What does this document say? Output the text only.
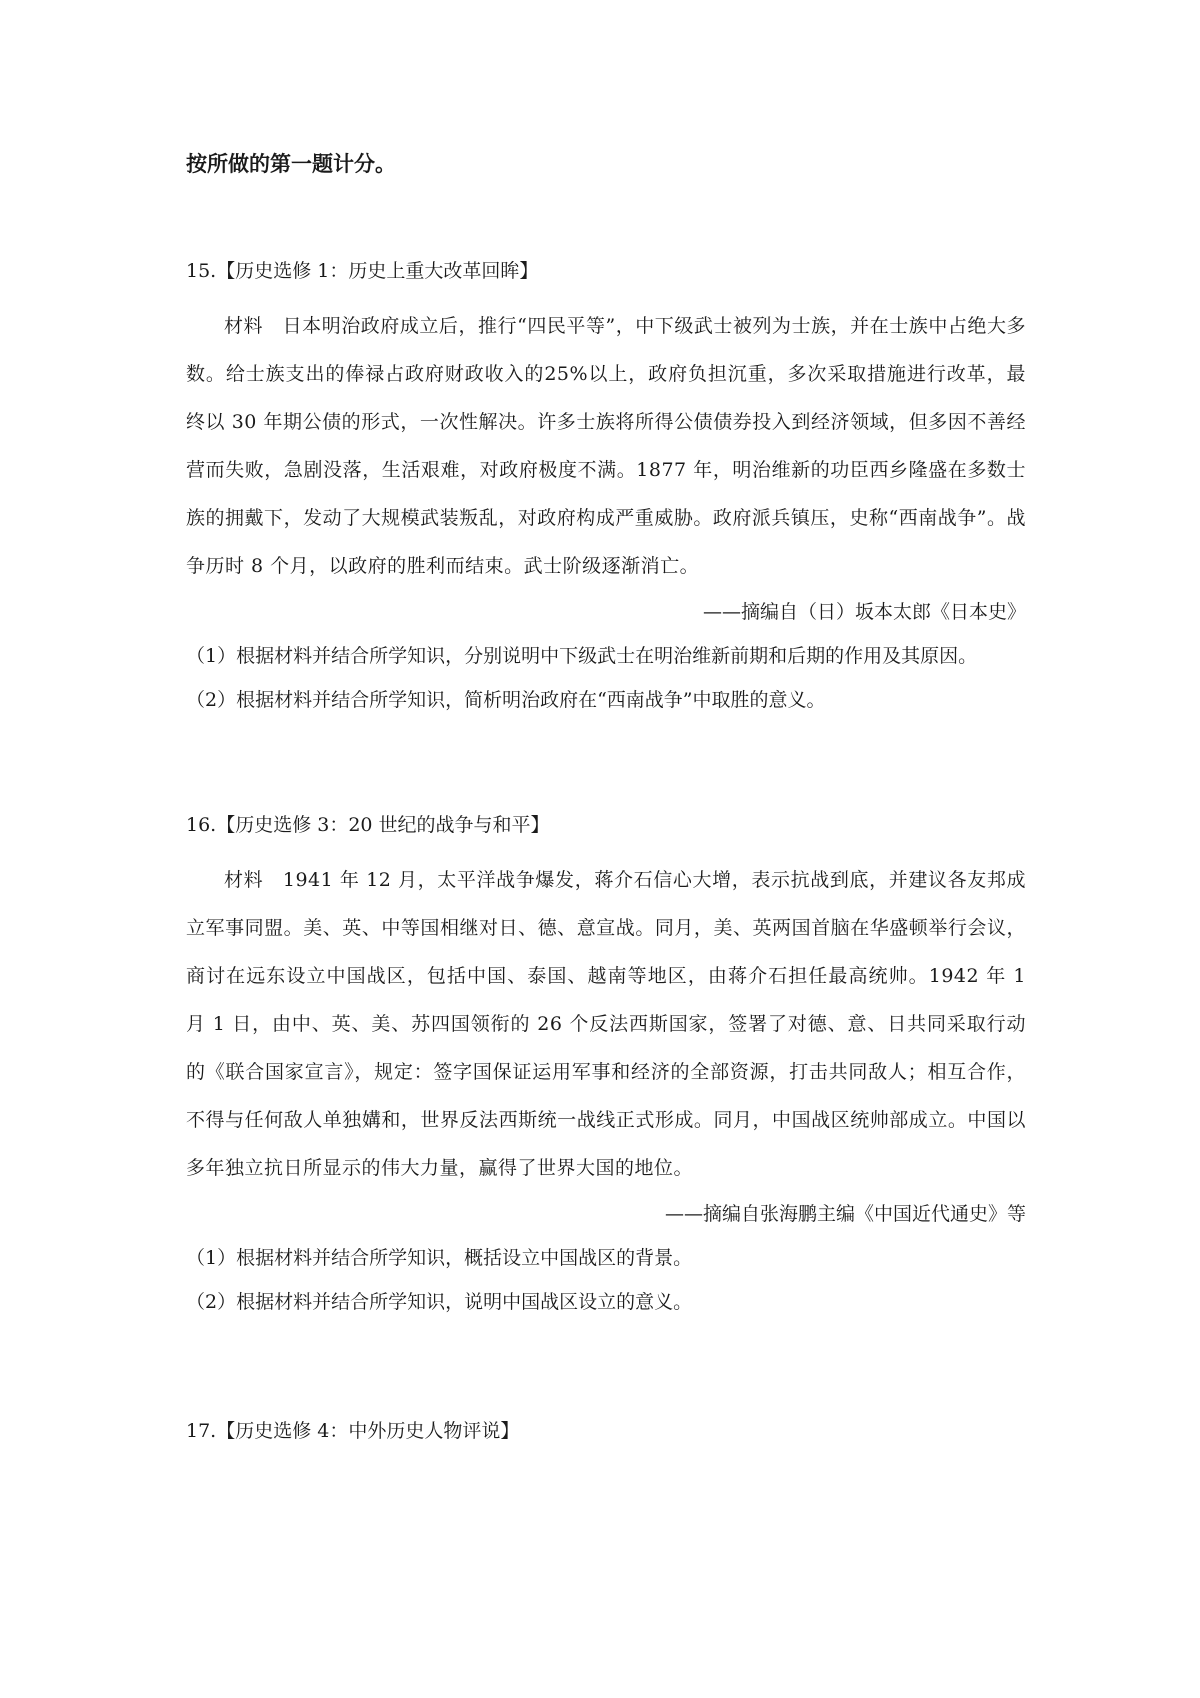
按所做的第一题计分。

15.【历史选修 1：历史上重大改革回眸】

材料　日本明治政府成立后，推行“四民平等”，中下级武士被列为士族，并在士族中占绝大多数。给士族支出的俸禄占政府财政收入的25%以上，政府负担沉重，多次采取措施进行改革，最终以 30 年期公债的形式，一次性解决。许多士族将所得公债债券投入到经济领域，但多因不善经营而失败，急剧没落，生活艰难，对政府极度不满。1877 年，明治维新的功臣西乡隆盛在多数士族的拥戴下，发动了大规模武装叛乱，对政府构成严重威胁。政府派兵镇压，史称“西南战争”。战争历时 8 个月，以政府的胜利而结束。武士阶级逐渐消亡。

——摘编自（日）坂本太郎《日本史》

（1）根据材料并结合所学知识，分别说明中下级武士在明治维新前期和后期的作用及其原因。

（2）根据材料并结合所学知识，简析明治政府在“西南战争”中取胜的意义。

16.【历史选修 3：20 世纪的战争与和平】

材料　1941 年 12 月，太平洋战争爆发，蒋介石信心大增，表示抗战到底，并建议各友邦成立军事同盟。美、英、中等国相继对日、德、意宣战。同月，美、英两国首脑在华盛顿举行会议，商讨在远东设立中国战区，包括中国、泰国、越南等地区，由蒋介石担任最高统帅。1942 年 1 月 1 日，由中、英、美、苏四国领衔的 26 个反法西斯国家，签署了对德、意、日共同采取行动的《联合国家宣言》，规定：签字国保证运用军事和经济的全部资源，打击共同敌人；相互合作，不得与任何敌人单独媾和，世界反法西斯统一战线正式形成。同月，中国战区统帅部成立。中国以多年独立抗日所显示的伟大力量，赢得了世界大国的地位。

——摘编自张海鹏主编《中国近代通史》等

（1）根据材料并结合所学知识，概括设立中国战区的背景。

（2）根据材料并结合所学知识，说明中国战区设立的意义。

17.【历史选修 4：中外历史人物评说】
